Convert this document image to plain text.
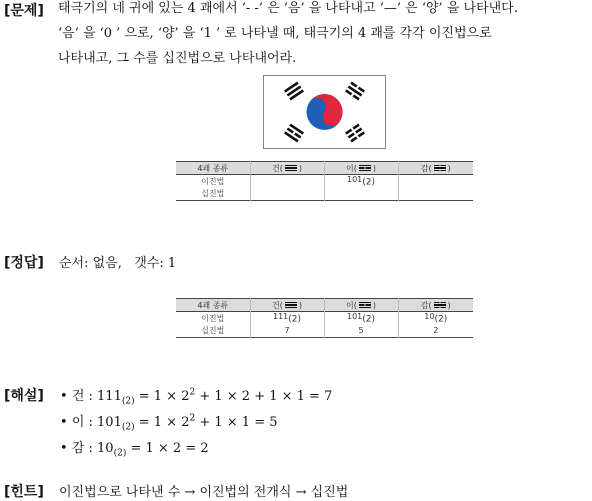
[문제] 태극기의 네 귀에 있는 4 괘에서 ‘- -’ 은 ‘음’ 을 나타내고 ‘—’ 은 ‘양’ 을 나타낸다.
‘음’ 을 ‘0 ’ 으로, ‘양’ 을 ‘1 ’ 로 나타낼 때, 태극기의 4 괘를 각각 이진법으로
나타내고, 그 수를 십진법으로 나타내어라.
4괘 종류	건( )	이( )	감( )
이진법		$101_{(2)}$	
십진법			
[정답] 순서: 없음,   갯수: 1
4괘 종류	건( )	이( )	감( )
이진법	$111_{(2)}$	$101_{(2)}$	$10_{(2)}$
십진법	7	5	2
[해설] • 건 : $111_{(2)} = 1 \times 2^2 + 1 \times 2 + 1 \times 1 = 7$
• 이 : $101_{(2)} = 1 \times 2^2 + 1 \times 1 = 5$
• 감 : $10_{(2)} = 1 \times 2 = 2$
[힌트] 이진법으로 나타낸 수 → 이진법의 전개식 → 십진법
